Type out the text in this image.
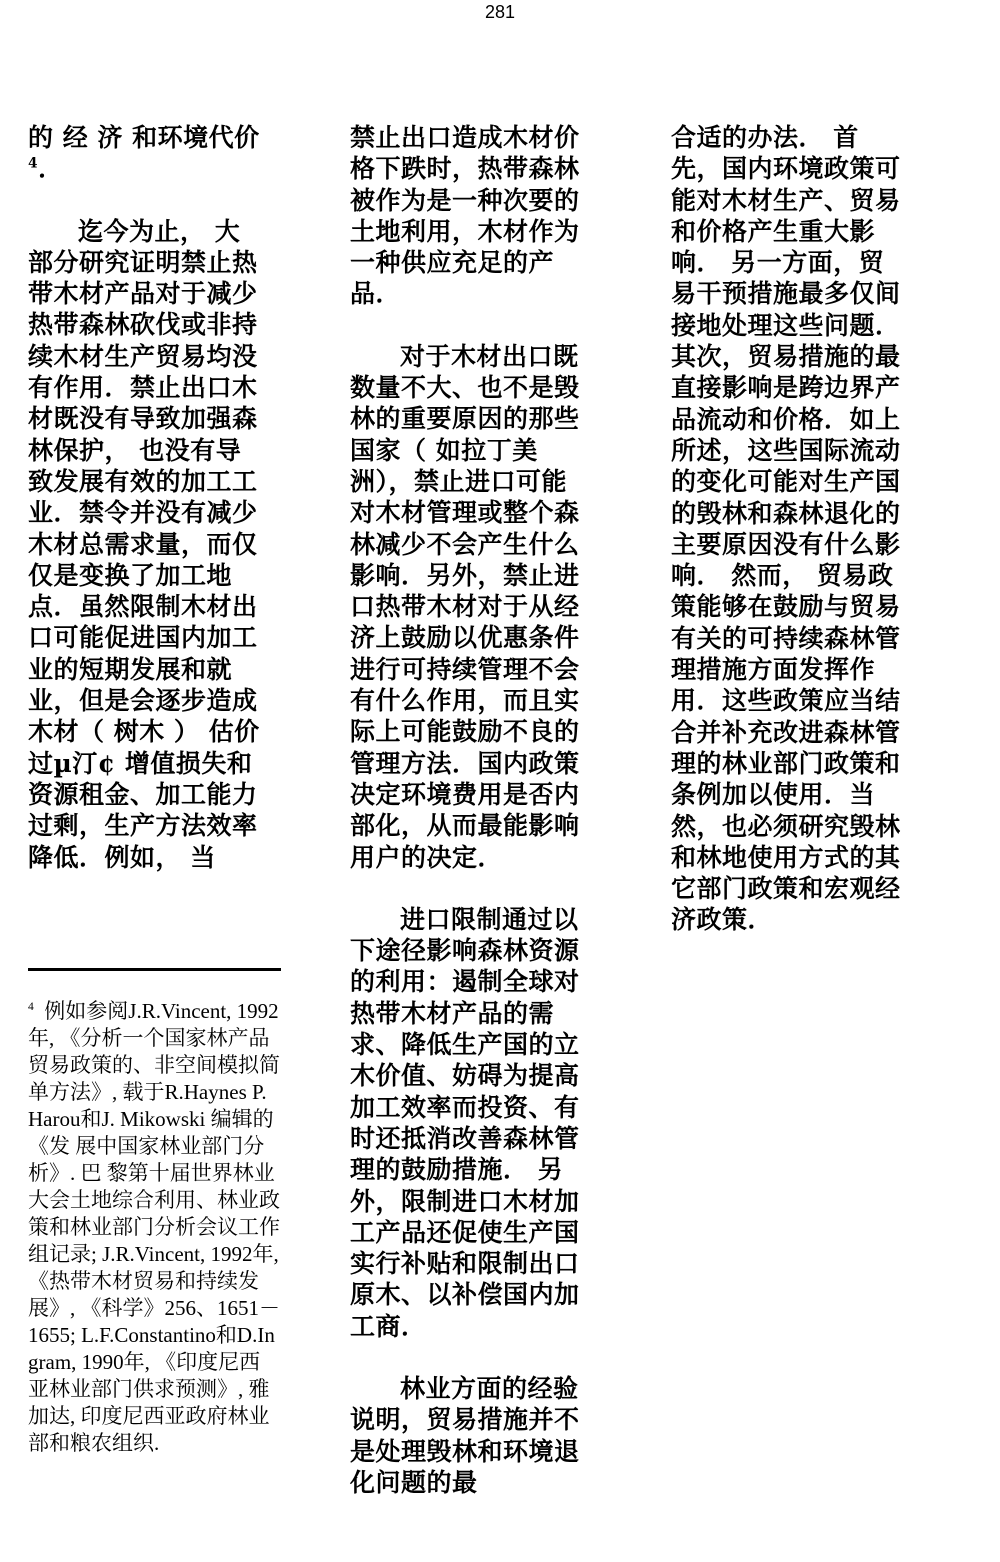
281

的 经 济 和环境代价$^4$．

迄今为止， 大部分研究证明禁止热带木材产品对于减少热带森林砍伐或非持续木材生产贸易均没有作用．禁止出口木材既没有导致加强森林保护， 也没有导致发展有效的加工工业．禁令并没有减少木材总需求量，而仅仅是变换了加工地点．虽然限制木材出口可能促进国内加工业的短期发展和就业，但是会逐步造成木材（ 树木 ） 估价过µ汀¢ 增值损失和资源租金、加工能力过剩，生产方法效率降低．例如， 当

$^4$ 例如参阅J.R.Vincent, 1992年, 《分析一个国家林产品贸易政策的、非空间模拟简单方法》, 载于R.Haynes P.Harou和J. Mikowski 编辑的《发 展中国家林业部门分析》. 巴 黎第十届世界林业大会土地综合利用、林业政策和林业部门分析会议工作组记录; J.R.Vincent, 1992年, 《热带木材贸易和持续发展》, 《科学》256、1651－1655; L.F.Constantino和D.Ingram, 1990年, 《印度尼西亚林业部门供求预测》, 雅加达, 印度尼西亚政府林业部和粮农组织.

禁止出口造成木材价格下跌时，热带森林被作为是一种次要的土地利用，木材作为一种供应充足的产品．

对于木材出口既数量不大、也不是毁林的重要原因的那些国家（ 如拉丁美洲），禁止进口可能对木材管理或整个森林减少不会产生什么影响．另外，禁止进口热带木材对于从经济上鼓励以优惠条件进行可持续管理不会有什么作用，而且实际上可能鼓励不良的管理方法．国内政策决定环境费用是否内部化，从而最能影响用户的决定．

进口限制通过以下途径影响森林资源的利用：遏制全球对热带木材产品的需求、降低生产国的立木价值、妨碍为提高加工效率而投资、有时还抵消改善森林管理的鼓励措施． 另外，限制进口木材加工产品还促使生产国实行补贴和限制出口原木、以补偿国内加工商．

林业方面的经验说明，贸易措施并不是处理毁林和环境退化问题的最

合适的办法． 首先，国内环境政策可能对木材生产、贸易和价格产生重大影响． 另一方面，贸易干预措施最多仅间接地处理这些问题．其次，贸易措施的最直接影响是跨边界产品流动和价格．如上所述，这些国际流动的变化可能对生产国的毁林和森林退化的主要原因没有什么影响． 然而， 贸易政策能够在鼓励与贸易有关的可持续森林管理措施方面发挥作用．这些政策应当结合并补充改进森林管理的林业部门政策和条例加以使用．当然，也必须研究毁林和林地使用方式的其它部门政策和宏观经济政策．
